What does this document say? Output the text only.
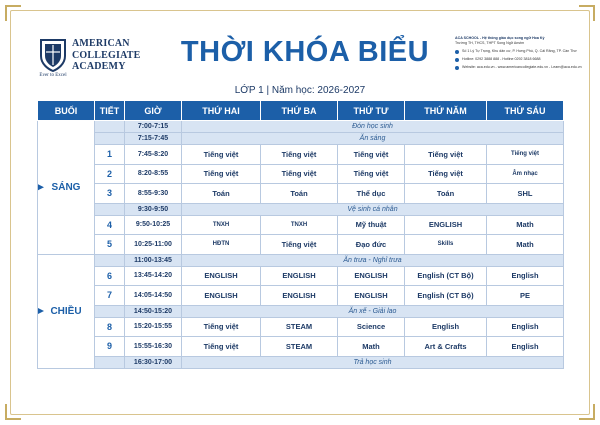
Ever to Excel
AMERICAN
COLLEGIATE
ACADEMY	THỜI KHÓA BIỂU	ACA SCHOOL - Hệ thống giáo dục song ngữ Hoa Kỳ
Trường TH, THCS, THPT Song Ngữ Anstm
Số 1 Lý Tự Trọng, Khu dân cư, P. Hưng Phú, Q. Cái Răng, TP. Cần Thơ
Hotline: 0292 3888 888 - Hotline 0292 3818 6688
Website: aca.edu.vn - www.americancollegiate.edu.vn - Learn@aca.edu.vn
LỚP 1 | Năm học: 2026-2027
BUỔI	TIẾT	GIỜ	THỨ HAI	THỨ BA	THỨ TƯ	THỨ NĂM	THỨ SÁU

SÁNG		7:00-7:15	Đón học sinh				
		7:15-7:45	Ăn sáng				
	1	7:45-8:20	Tiếng việt	Tiếng việt	Tiếng việt	Tiếng việt	Tiếng việt
	2	8:20-8:55	Tiếng việt	Tiếng việt	Tiếng việt	Tiếng việt	Âm nhạc
	3	8:55-9:30	Toán	Toán	Thể dục	Toán	SHL
		9:30-9:50	Vệ sinh cá nhân				
	4	9:50-10:25	TNXH	TNXH	Mỹ thuật	ENGLISH	Math
	5	10:25-11:00	HĐTN	Tiếng việt	Đạo đức	Skills	Math

CHIỀU		11:00-13:45	Ăn trưa - Nghỉ trưa				
	6	13:45-14:20	ENGLISH	ENGLISH	ENGLISH	English (CT Bộ)	English
	7	14:05-14:50	ENGLISH	ENGLISH	ENGLISH	English (CT Bộ)	PE
		14:50-15:20	Ăn xế - Giải lao				
	8	15:20-15:55	Tiếng việt	STEAM	Science	English	English
	9	15:55-16:30	Tiếng việt	STEAM	Math	Art & Crafts	English
		16:30-17:00	Trả học sinh				
